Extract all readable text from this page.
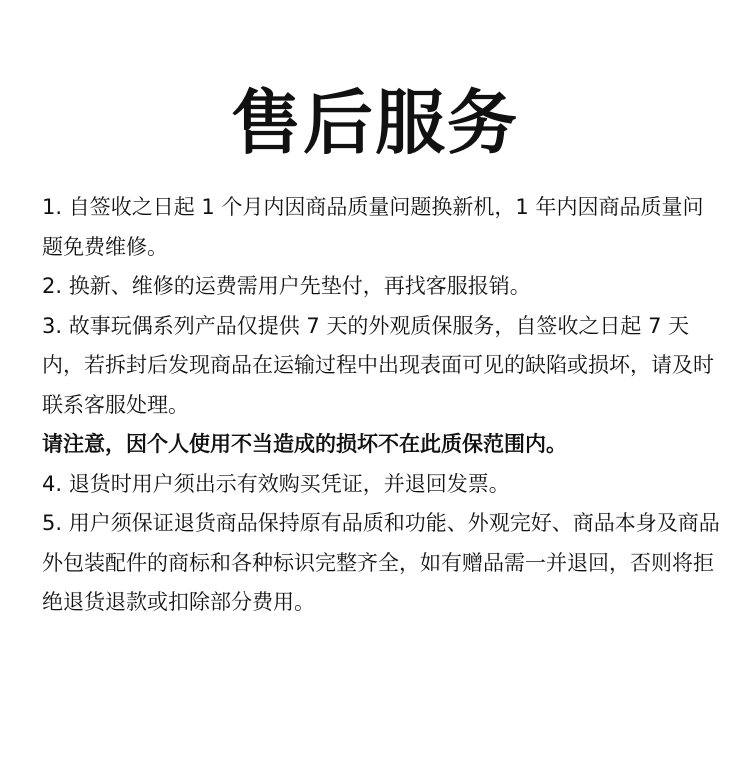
售后服务

1. 自签收之日起 1 个月内因商品质量问题换新机，1 年内因商品质量问题免费维修。

2. 换新、维修的运费需用户先垫付，再找客服报销。

3. 故事玩偶系列产品仅提供 7 天的外观质保服务，自签收之日起 7 天内，若拆封后发现商品在运输过程中出现表面可见的缺陷或损坏，请及时联系客服处理。

请注意，因个人使用不当造成的损坏不在此质保范围内。

4. 退货时用户须出示有效购买凭证，并退回发票。

5. 用户须保证退货商品保持原有品质和功能、外观完好、商品本身及商品外包装配件的商标和各种标识完整齐全，如有赠品需一并退回，否则将拒绝退货退款或扣除部分费用。
